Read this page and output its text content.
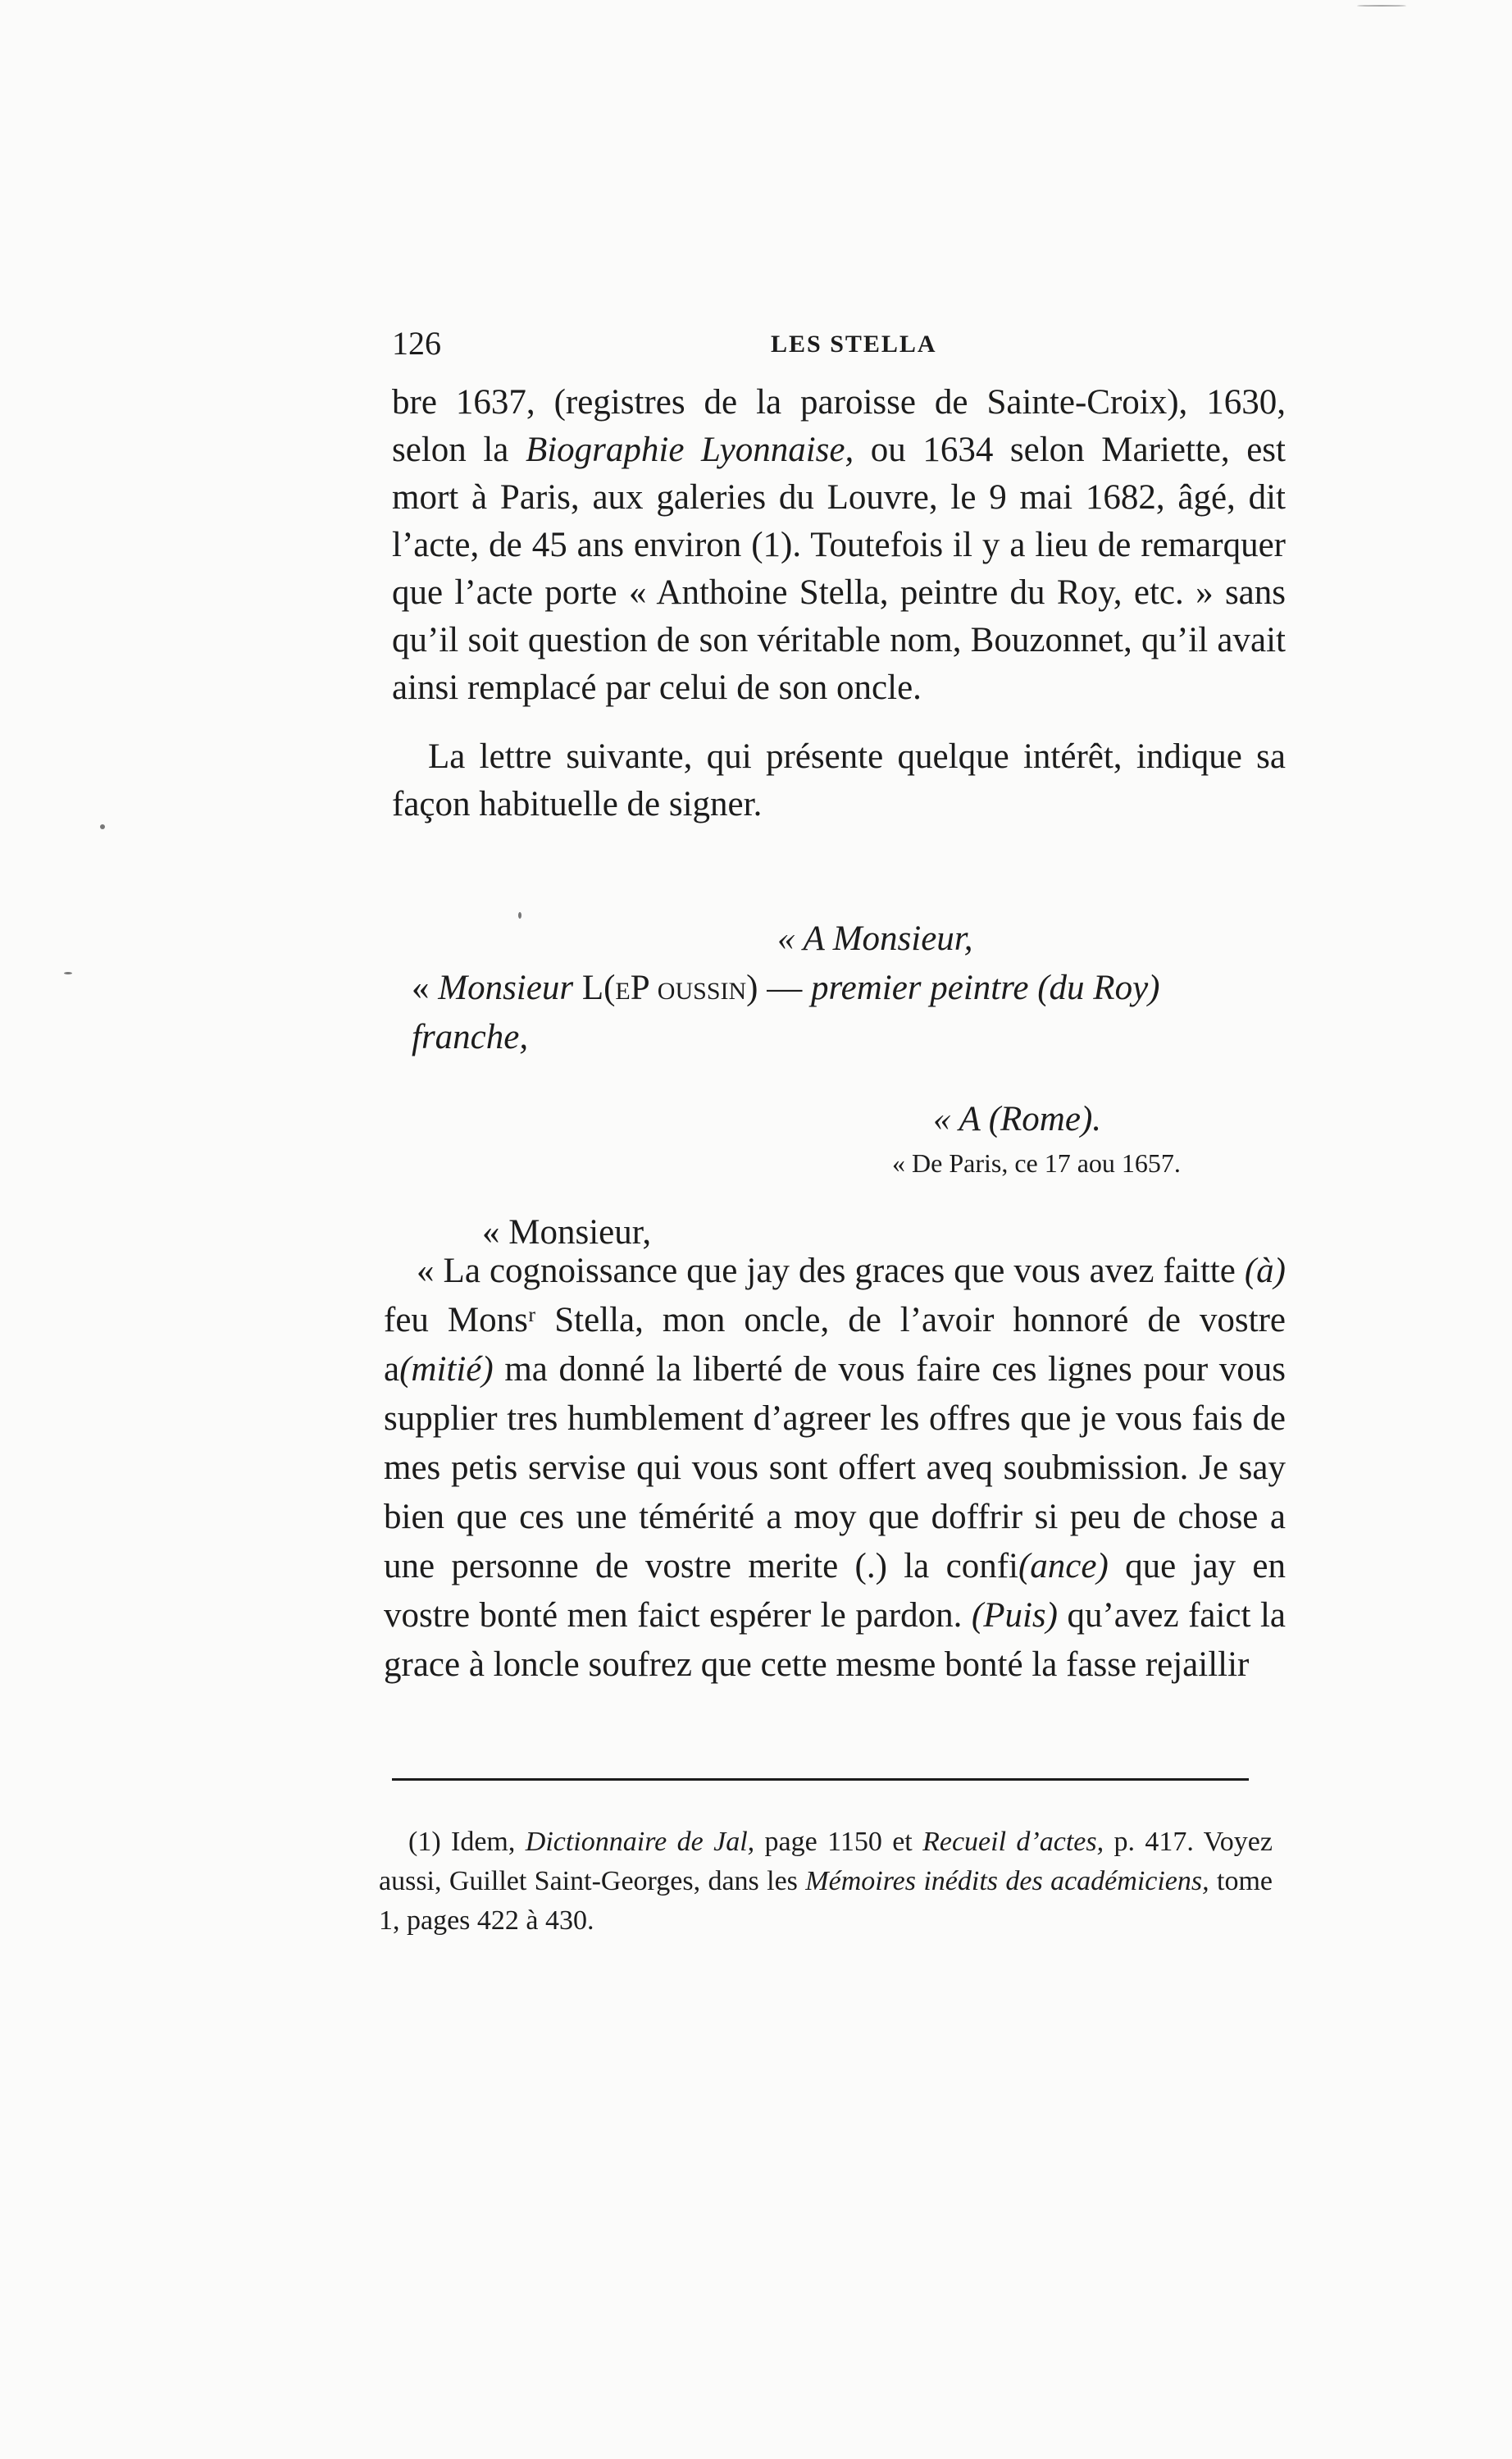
126	LES STELLA

bre 1637, (registres de la paroisse de Sainte-Croix), 1630, selon la Biographie Lyonnaise, ou 1634 selon Mariette, est mort à Paris, aux galeries du Louvre, le 9 mai 1682, âgé, dit l’acte, de 45 ans environ (1). Toutefois il y a lieu de remarquer que l’acte porte « Anthoine Stella, peintre du Roy, etc. » sans qu’il soit question de son véritable nom, Bouzonnet, qu’il avait ainsi remplacé par celui de son oncle.

La lettre suivante, qui présente quelque intérêt, indique sa façon habituelle de signer.

« A Monsieur,
« Monsieur L(eP oussin) — premier peintre (du Roy)
franche,
« A (Rome).
« De Paris, ce 17 aou 1657.
« Monsieur,

« La cognoissance que jay des graces que vous avez faitte (à) feu Monsʳ Stella, mon oncle, de l’avoir honnoré de vostre a(mitié) ma donné la liberté de vous faire ces lignes pour vous supplier tres humblement d’agreer les offres que je vous fais de mes petis servise qui vous sont offert aveq soubmission. Je say bien que ces une témérité a moy que doffrir si peu de chose a une personne de vostre merite (.) la confi(ance) que jay en vostre bonté men faict espérer le pardon. (Puis) qu’avez faict la grace à loncle soufrez que cette mesme bonté la fasse rejaillir

(1) Idem, Dictionnaire de Jal, page 1150 et Recueil d’actes, p. 417. Voyez aussi, Guillet Saint-Georges, dans les Mémoires inédits des académiciens, tome 1, pages 422 à 430.
